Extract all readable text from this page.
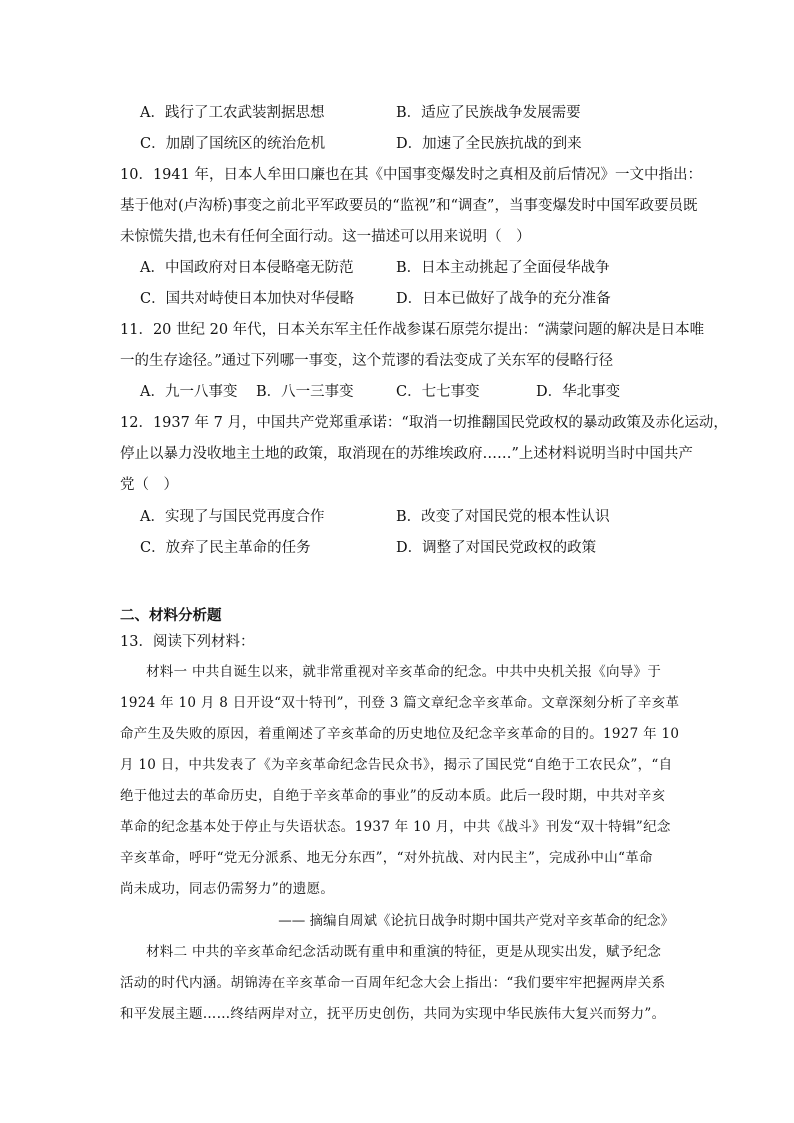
A．践行了工农武装割据思想	B．适应了民族战争发展需要
C．加剧了国统区的统治危机	D．加速了全民族抗战的到来
10．1941 年，日本人牟田口廉也在其《中国事变爆发时之真相及前后情况》一文中指出：
基于他对(卢沟桥)事变之前北平军政要员的“监视”和“调查”，当事变爆发时中国军政要员既
未惊慌失措,也未有任何全面行动。这一描述可以用来说明（　）
A．中国政府对日本侵略毫无防范	B．日本主动挑起了全面侵华战争
C．国共对峙使日本加快对华侵略	D．日本已做好了战争的充分准备
11．20 世纪 20 年代，日本关东军主任作战参谋石原莞尔提出：“满蒙问题的解决是日本唯
一的生存途径。”通过下列哪一事变，这个荒谬的看法变成了关东军的侵略行径
A．九一八事变 B．八一三事变	C．七七事变	D．华北事变
12．1937 年 7 月，中国共产党郑重承诺：“取消一切推翻国民党政权的暴动政策及赤化运动，
停止以暴力没收地主土地的政策，取消现在的苏维埃政府……”上述材料说明当时中国共产
党（　）
A．实现了与国民党再度合作	B．改变了对国民党的根本性认识
C．放弃了民主革命的任务	D．调整了对国民党政权的政策
二、材料分析题
13．阅读下列材料：
材料一 中共自诞生以来，就非常重视对辛亥革命的纪念。中共中央机关报《向导》于
1924 年 10 月 8 日开设“双十特刊”，刊登 3 篇文章纪念辛亥革命。文章深刻分析了辛亥革
命产生及失败的原因，着重阐述了辛亥革命的历史地位及纪念辛亥革命的目的。1927 年 10
月 10 日，中共发表了《为辛亥革命纪念告民众书》，揭示了国民党“自绝于工农民众”，“自
绝于他过去的革命历史，自绝于辛亥革命的事业”的反动本质。此后一段时期，中共对辛亥
革命的纪念基本处于停止与失语状态。1937 年 10 月，中共《战斗》刊发“双十特辑”纪念
辛亥革命，呼吁“党无分派系、地无分东西”，“对外抗战、对内民主”，完成孙中山“革命
尚未成功，同志仍需努力”的遗愿。
—— 摘编自周斌《论抗日战争时期中国共产党对辛亥革命的纪念》
材料二 中共的辛亥革命纪念活动既有重申和重演的特征，更是从现实出发，赋予纪念
活动的时代内涵。胡锦涛在辛亥革命一百周年纪念大会上指出：“我们要牢牢把握两岸关系
和平发展主题……终结两岸对立，抚平历史创伤，共同为实现中华民族伟大复兴而努力”。
